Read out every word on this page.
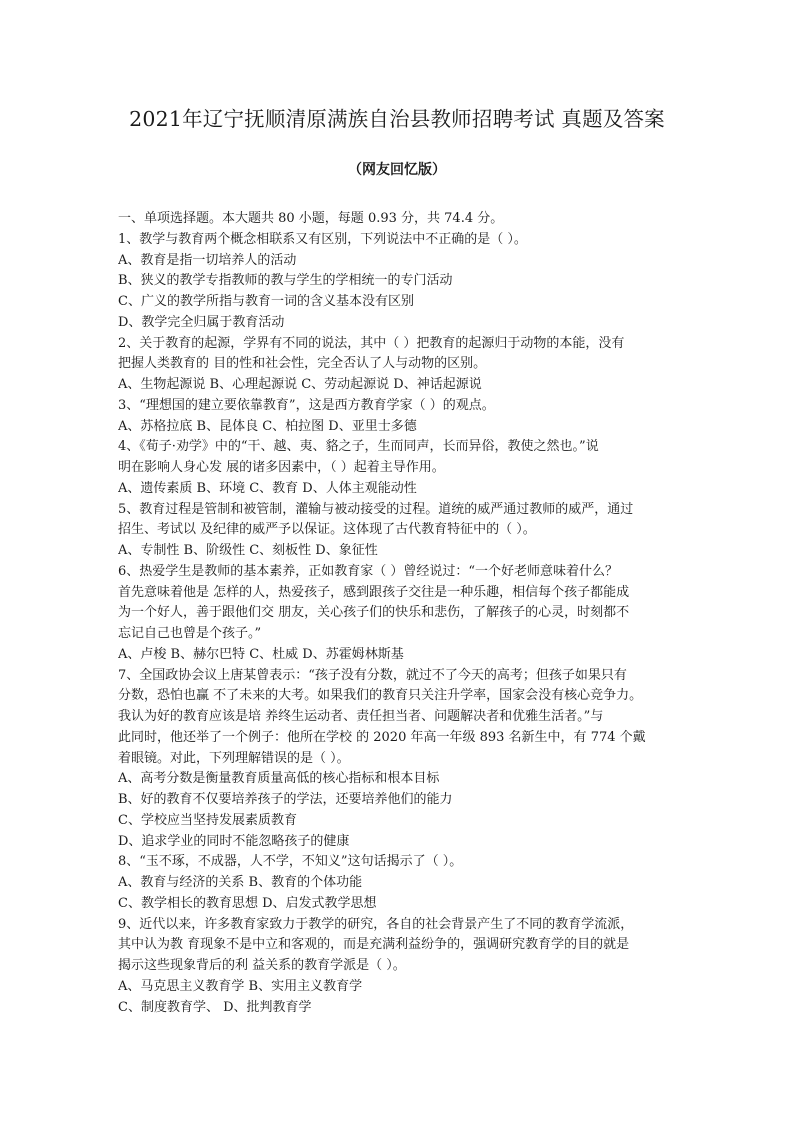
2021年辽宁抚顺清原满族自治县教师招聘考试 真题及答案
（网友回忆版）
一、单项选择题。本大题共 80 小题，每题 0.93 分，共 74.4 分。
1、教学与教育两个概念相联系又有区别，下列说法中不正确的是（ ）。
A、教育是指一切培养人的活动
B、狭义的教学专指教师的教与学生的学相统一的专门活动
C、广义的教学所指与教育一词的含义基本没有区别
D、教学完全归属于教育活动
2、关于教育的起源，学界有不同的说法，其中（ ）把教育的起源归于动物的本能，没有
把握人类教育的 目的性和社会性，完全否认了人与动物的区别。
A、生物起源说 B、心理起源说 C、劳动起源说 D、神话起源说
3、“理想国的建立要依靠教育”，这是西方教育学家（ ）的观点。
A、苏格拉底 B、昆体良 C、柏拉图 D、亚里士多德
4、《荀子·劝学》中的“干、越、夷、貉之子，生而同声，长而异俗，教使之然也。”说
明在影响人身心发 展的诸多因素中，（ ）起着主导作用。
A、遗传素质 B、环境 C、教育 D、人体主观能动性
5、教育过程是管制和被管制，灌输与被动接受的过程。道统的威严通过教师的威严，通过
招生、考试以 及纪律的威严予以保证。这体现了古代教育特征中的（ ）。
A、专制性 B、阶级性 C、刻板性 D、象征性
6、热爱学生是教师的基本素养，正如教育家（ ）曾经说过：“一个好老师意味着什么？
首先意味着他是 怎样的人，热爱孩子，感到跟孩子交往是一种乐趣，相信每个孩子都能成
为一个好人，善于跟他们交 朋友，关心孩子们的快乐和悲伤，了解孩子的心灵，时刻都不
忘记自己也曾是个孩子。”
A、卢梭 B、赫尔巴特 C、杜威 D、苏霍姆林斯基
7、全国政协会议上唐某曾表示：“孩子没有分数，就过不了今天的高考；但孩子如果只有
分数，恐怕也赢 不了未来的大考。如果我们的教育只关注升学率，国家会没有核心竞争力。
我认为好的教育应该是培 养终生运动者、责任担当者、问题解决者和优雅生活者。”与
此同时，他还举了一个例子：他所在学校 的 2020 年高一年级 893 名新生中，有 774 个戴
着眼镜。对此，下列理解错误的是（ ）。
A、高考分数是衡量教育质量高低的核心指标和根本目标
B、好的教育不仅要培养孩子的学法，还要培养他们的能力
C、学校应当坚持发展素质教育
D、追求学业的同时不能忽略孩子的健康
8、“玉不琢，不成器，人不学，不知义”这句话揭示了（ ）。
A、教育与经济的关系 B、教育的个体功能
C、教学相长的教育思想 D、启发式教学思想
9、近代以来，许多教育家致力于教学的研究，各自的社会背景产生了不同的教育学流派，
其中认为教 育现象不是中立和客观的，而是充满利益纷争的，强调研究教育学的目的就是
揭示这些现象背后的利 益关系的教育学派是（ ）。
A、马克思主义教育学 B、实用主义教育学
C、制度教育学、 D、批判教育学
